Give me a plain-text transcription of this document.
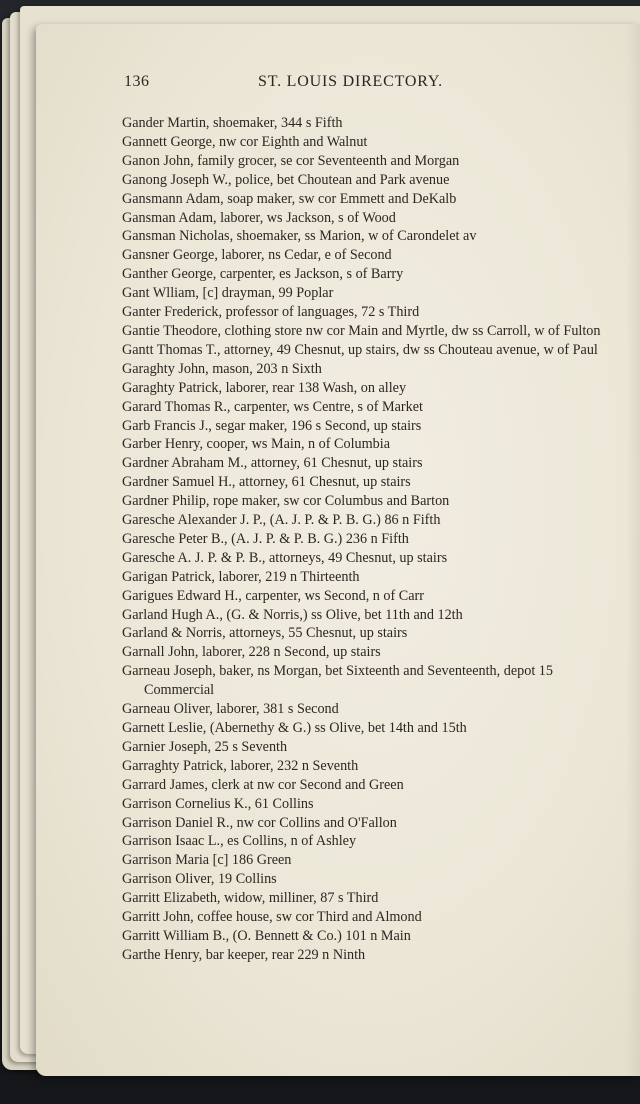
136	ST. LOUIS DIRECTORY.
Gander Martin, shoemaker, 344 s Fifth
Gannett George, nw cor Eighth and Walnut
Ganon John, family grocer, se cor Seventeenth and Morgan
Ganong Joseph W., police, bet Choutean and Park avenue
Gansmann Adam, soap maker, sw cor Emmett and DeKalb
Gansman Adam, laborer, ws Jackson, s of Wood
Gansman Nicholas, shoemaker, ss Marion, w of Carondelet av
Gansner George, laborer, ns Cedar, e of Second
Ganther George, carpenter, es Jackson, s of Barry
Gant Wlliam, [c] drayman, 99 Poplar
Ganter Frederick, professor of languages, 72 s Third
Gantie Theodore, clothing store nw cor Main and Myrtle, dw ss Carroll, w of Fulton
Gantt Thomas T., attorney, 49 Chesnut, up stairs, dw ss Chouteau avenue, w of Paul
Garaghty John, mason, 203 n Sixth
Garaghty Patrick, laborer, rear 138 Wash, on alley
Garard Thomas R., carpenter, ws Centre, s of Market
Garb Francis J., segar maker, 196 s Second, up stairs
Garber Henry, cooper, ws Main, n of Columbia
Gardner Abraham M., attorney, 61 Chesnut, up stairs
Gardner Samuel H., attorney, 61 Chesnut, up stairs
Gardner Philip, rope maker, sw cor Columbus and Barton
Garesche Alexander J. P., (A. J. P. & P. B. G.) 86 n Fifth
Garesche Peter B., (A. J. P. & P. B. G.) 236 n Fifth
Garesche A. J. P. & P. B., attorneys, 49 Chesnut, up stairs
Garigan Patrick, laborer, 219 n Thirteenth
Garigues Edward H., carpenter, ws Second, n of Carr
Garland Hugh A., (G. & Norris,) ss Olive, bet 11th and 12th
Garland & Norris, attorneys, 55 Chesnut, up stairs
Garnall John, laborer, 228 n Second, up stairs
Garneau Joseph, baker, ns Morgan, bet Sixteenth and Seventeenth, depot 15 Commercial
Garneau Oliver, laborer, 381 s Second
Garnett Leslie, (Abernethy & G.) ss Olive, bet 14th and 15th
Garnier Joseph, 25 s Seventh
Garraghty Patrick, laborer, 232 n Seventh
Garrard James, clerk at nw cor Second and Green
Garrison Cornelius K., 61 Collins
Garrison Daniel R., nw cor Collins and O'Fallon
Garrison Isaac L., es Collins, n of Ashley
Garrison Maria [c] 186 Green
Garrison Oliver, 19 Collins
Garritt Elizabeth, widow, milliner, 87 s Third
Garritt John, coffee house, sw cor Third and Almond
Garritt William B., (O. Bennett & Co.) 101 n Main
Garthe Henry, bar keeper, rear 229 n Ninth
